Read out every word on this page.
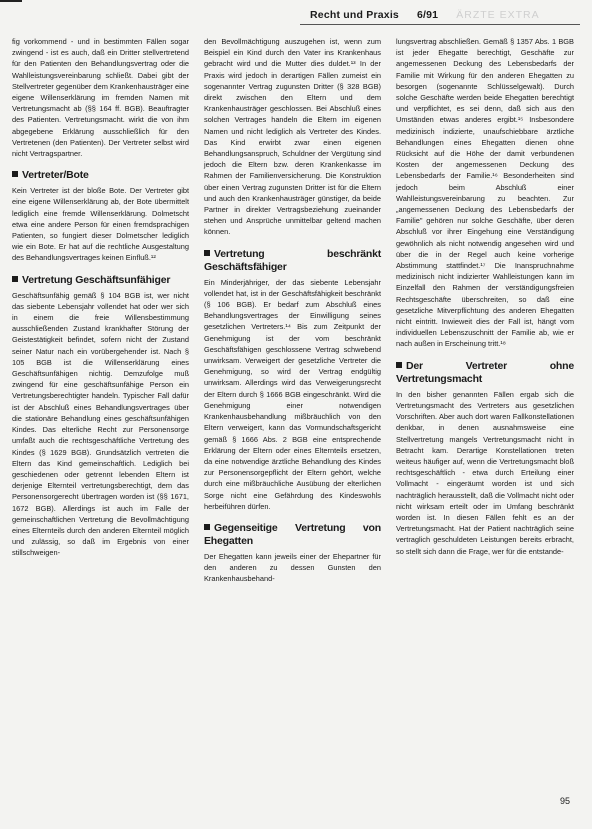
Recht und Praxis 6/91 ÄRZTE EXTRA

fig vorkommend - und in bestimmten Fällen sogar zwingend - ist es auch, daß ein Dritter stellvertretend für den Patienten den Behandlungsvertrag oder die Wahlleistungsvereinbarung schließt. Dabei gibt der Stellvertreter gegenüber dem Krankenhausträger eine eigene Willenserklärung im fremden Namen mit Vertretungsmacht ab (§§ 164 ff. BGB). Beauftragter des Patienten. Vertretungsmacht. wirkt die von ihm abgegebene Erklärung ausschließlich für den Vertretenen (den Patienten). Der Vertreter selbst wird nicht Vertragspartner.

Vertreter/Bote

Kein Vertreter ist der bloße Bote. Der Vertreter gibt eine eigene Willenserklärung ab, der Bote übermittelt lediglich eine fremde Willenserklärung. Dolmetscht etwa eine andere Person für einen fremdsprachigen Patienten, so fungiert dieser Dolmetscher lediglich wie ein Bote. Er hat auf die rechtliche Ausgestaltung des Behandlungsvertrages keinen Einfluß.¹²

Vertretung Geschäftsunfähiger

Geschäftsunfähig gemäß § 104 BGB ist, wer nicht das siebente Lebensjahr vollendet hat oder wer sich in einem die freie Willensbestimmung ausschließenden Zustand krankhafter Störung der Geistestätigkeit befindet, sofern nicht der Zustand seiner Natur nach ein vorübergehender ist. Nach § 105 BGB ist die Willenserklärung eines Geschäftsunfähigen nichtig. Demzufolge muß zwingend für eine geschäftsunfähige Person ein Vertretungsberechtigter handeln. Typischer Fall dafür ist der Abschluß eines Behandlungsvertrages über die stationäre Behandlung eines geschäftsunfähigen Kindes. Das elterliche Recht zur Personensorge umfaßt auch die rechtsgeschäftliche Vertretung des Kindes (§ 1629 BGB). Grundsätzlich vertreten die Eltern das Kind gemeinschaftlich. Lediglich bei geschiedenen oder getrennt lebenden Eltern ist derjenige Elternteil vertretungsberechtigt, dem das Personensorgerecht übertragen worden ist (§§ 1671, 1672 BGB). Allerdings ist auch im Falle der gemeinschaftlichen Vertretung die Bevollmächtigung eines Elternteils durch den anderen Elternteil möglich und zulässig, so daß im Ergebnis von einer stillschweigen-

den Bevollmächtigung auszugehen ist, wenn zum Beispiel ein Kind durch den Vater ins Krankenhaus gebracht wird und die Mutter dies duldet.¹³ In der Praxis wird jedoch in derartigen Fällen zumeist ein sogenannter Vertrag zugunsten Dritter (§ 328 BGB) direkt zwischen den Eltern und dem Krankenhausträger geschlossen. Bei Abschluß eines solchen Vertrages handeln die Eltern im eigenen Namen und nicht lediglich als Vertreter des Kindes. Das Kind erwirbt zwar einen eigenen Behandlungsanspruch, Schuldner der Vergütung sind jedoch die Eltern bzw. deren Krankenkasse im Rahmen der Familienversicherung. Die Konstruktion über einen Vertrag zugunsten Dritter ist für die Eltern und auch den Krankenhausträger günstiger, da beide Partner in direkter Vertragsbeziehung zueinander stehen und Ansprüche unmittelbar geltend machen können.

Vertretung beschränkt Geschäftsfähiger

Ein Minderjähriger, der das siebente Lebensjahr vollendet hat, ist in der Geschäftsfähigkeit beschränkt (§ 106 BGB). Er bedarf zum Abschluß eines Behandlungsvertrages der Einwilligung seines gesetzlichen Vertreters.¹⁴ Bis zum Zeitpunkt der Genehmigung ist der vom beschränkt Geschäftsfähigen geschlossene Vertrag schwebend unwirksam. Verweigert der gesetzliche Vertreter die Genehmigung, so wird der Vertrag endgültig unwirksam. Allerdings wird das Verweigerungsrecht der Eltern durch § 1666 BGB eingeschränkt. Wird die Genehmigung einer notwendigen Krankenhausbehandlung mißbräuchlich von den Eltern verweigert, kann das Vormundschaftsgericht gemäß § 1666 Abs. 2 BGB eine entsprechende Erklärung der Eltern oder eines Elternteils ersetzen, da eine notwendige ärztliche Behandlung des Kindes zur Personensorgepflicht der Eltern gehört, welche durch eine mißbräuchliche Ausübung der elterlichen Sorge nicht eine Gefährdung des Kindeswohls herbeiführen dürfen.

Gegenseitige Vertretung von Ehegatten

Der Ehegatten kann jeweils einer der Ehepartner für den anderen zu dessen Gunsten den Krankenhausbehand-

lungsvertrag abschließen. Gemäß § 1357 Abs. 1 BGB ist jeder Ehegatte berechtigt, Geschäfte zur angemessenen Deckung des Lebensbedarfs der Familie mit Wirkung für den anderen Ehegatten zu besorgen (sogenannte Schlüsselgewalt). Durch solche Geschäfte werden beide Ehegatten berechtigt und verpflichtet, es sei denn, daß sich aus den Umständen etwas anderes ergibt.¹⁵ Insbesondere medizinisch indizierte, unaufschiebbare ärztliche Behandlungen eines Ehegatten dienen ohne Rücksicht auf die Höhe der damit verbundenen Kosten der angemessenen Deckung des Lebensbedarfs der Familie.¹⁶ Besonderheiten sind jedoch beim Abschluß einer Wahlleistungsvereinbarung zu beachten. Zur „angemessenen Deckung des Lebensbedarfs der Familie" gehören nur solche Geschäfte, über deren Abschluß vor ihrer Eingehung eine Verständigung gewöhnlich als nicht notwendig angesehen wird und über die in der Regel auch keine vorherige Abstimmung stattfindet.¹⁷ Die Inanspruchnahme medizinisch nicht indizierter Wahlleistungen kann im Einzelfall den Rahmen der verständigungsfreien Rechtsgeschäfte überschreiten, so daß eine gesetzliche Mitverpflichtung des anderen Ehegatten nicht eintritt. Inwieweit dies der Fall ist, hängt vom individuellen Lebenszuschnitt der Familie ab, wie er nach außen in Erscheinung tritt.¹⁸

Der Vertreter ohne Vertretungsmacht

In den bisher genannten Fällen ergab sich die Vertretungsmacht des Vertreters aus gesetzlichen Vorschriften. Aber auch dort waren Fallkonstellationen denkbar, in denen ausnahmsweise eine Stellvertretung mangels Vertretungsmacht nicht in Betracht kam. Derartige Konstellationen treten weiteus häufiger auf, wenn die Vertretungsmacht bloß rechtsgeschäftlich - etwa durch Erteilung einer Vollmacht - eingeräumt worden ist und sich nachträglich herausstellt, daß die Vollmacht nicht oder nicht wirksam erteilt oder im Umfang beschränkt worden ist. In diesen Fällen fehlt es an der Vertretungsmacht. Hat der Patient nachträglich seine vertraglich geschuldeten Leistungen bereits erbracht, so stellt sich dann die Frage, wer für die entstande-

95
